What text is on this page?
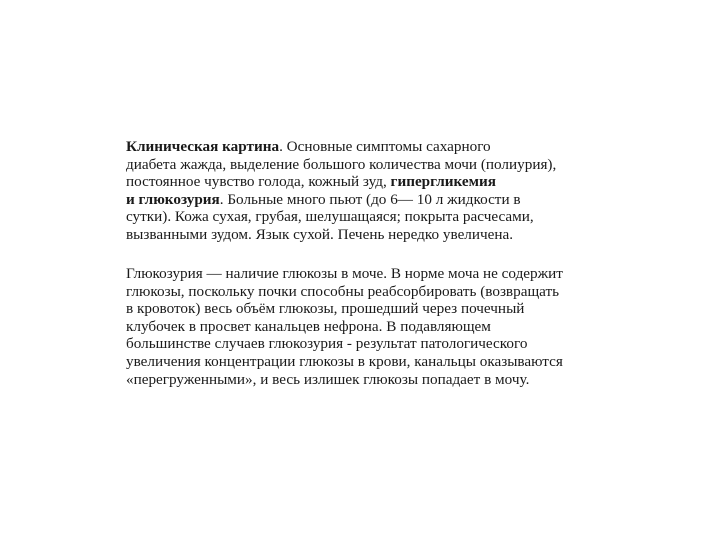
Клиническая картина. Основные симптомы сахарного
диабета жажда, выделение большого количества мочи (полиурия),
постоянное чувство голода, кожный зуд, гипергликемия
и глюкозурия. Больные много пьют (до 6— 10 л жидкости в
сутки). Кожа сухая, грубая, шелушащаяся; покрыта расчесами,
вызванными зудом. Язык сухой. Печень нередко увеличена.
Глюкозурия — наличие глюкозы в моче. В норме моча не содержит
глюкозы, поскольку почки способны реабсорбировать (возвращать
в кровоток) весь объём глюкозы, прошедший через почечный
клубочек в просвет канальцев нефрона. В подавляющем
большинстве случаев глюкозурия - результат патологического
увеличения концентрации глюкозы в крови, канальцы оказываются
«перегруженными», и весь излишек глюкозы попадает в мочу.
